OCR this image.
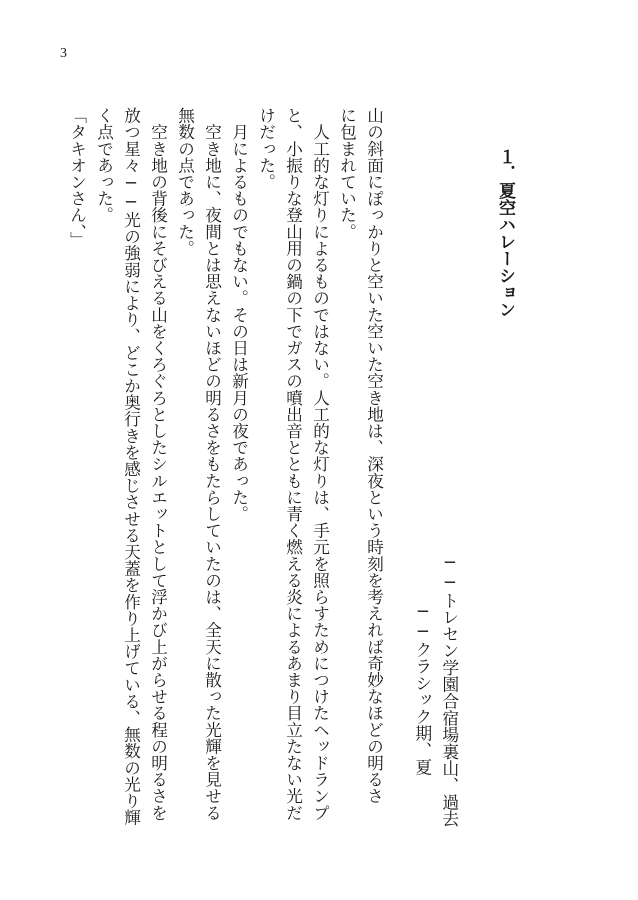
3
１．夏空ハレーション
──トレセン学園合宿場裏山、過去
──クラシック期、夏
山の斜面にぽっかりと空いた空いた空き地は、深夜という時刻を考えれば奇妙なほどの明るさ
に包まれていた。
　人工的な灯りによるものではない。人工的な灯りは、手元を照らすためにつけたヘッドランプ
と、小振りな登山用の鍋の下でガスの噴出音とともに青く燃える炎によるあまり目立たない光だ
けだった。
　月によるものでもない。その日は新月の夜であった。
　空き地に、夜間とは思えないほどの明るさをもたらしていたのは、全天に散った光輝を見せる
無数の点であった。
　空き地の背後にそびえる山をくろぐろとしたシルエットとして浮かび上がらせる程の明るさを
放つ星々──光の強弱により、どこか奥行きを感じさせる天蓋を作り上げている、無数の光り輝
く点であった。
「タキオンさん、」
